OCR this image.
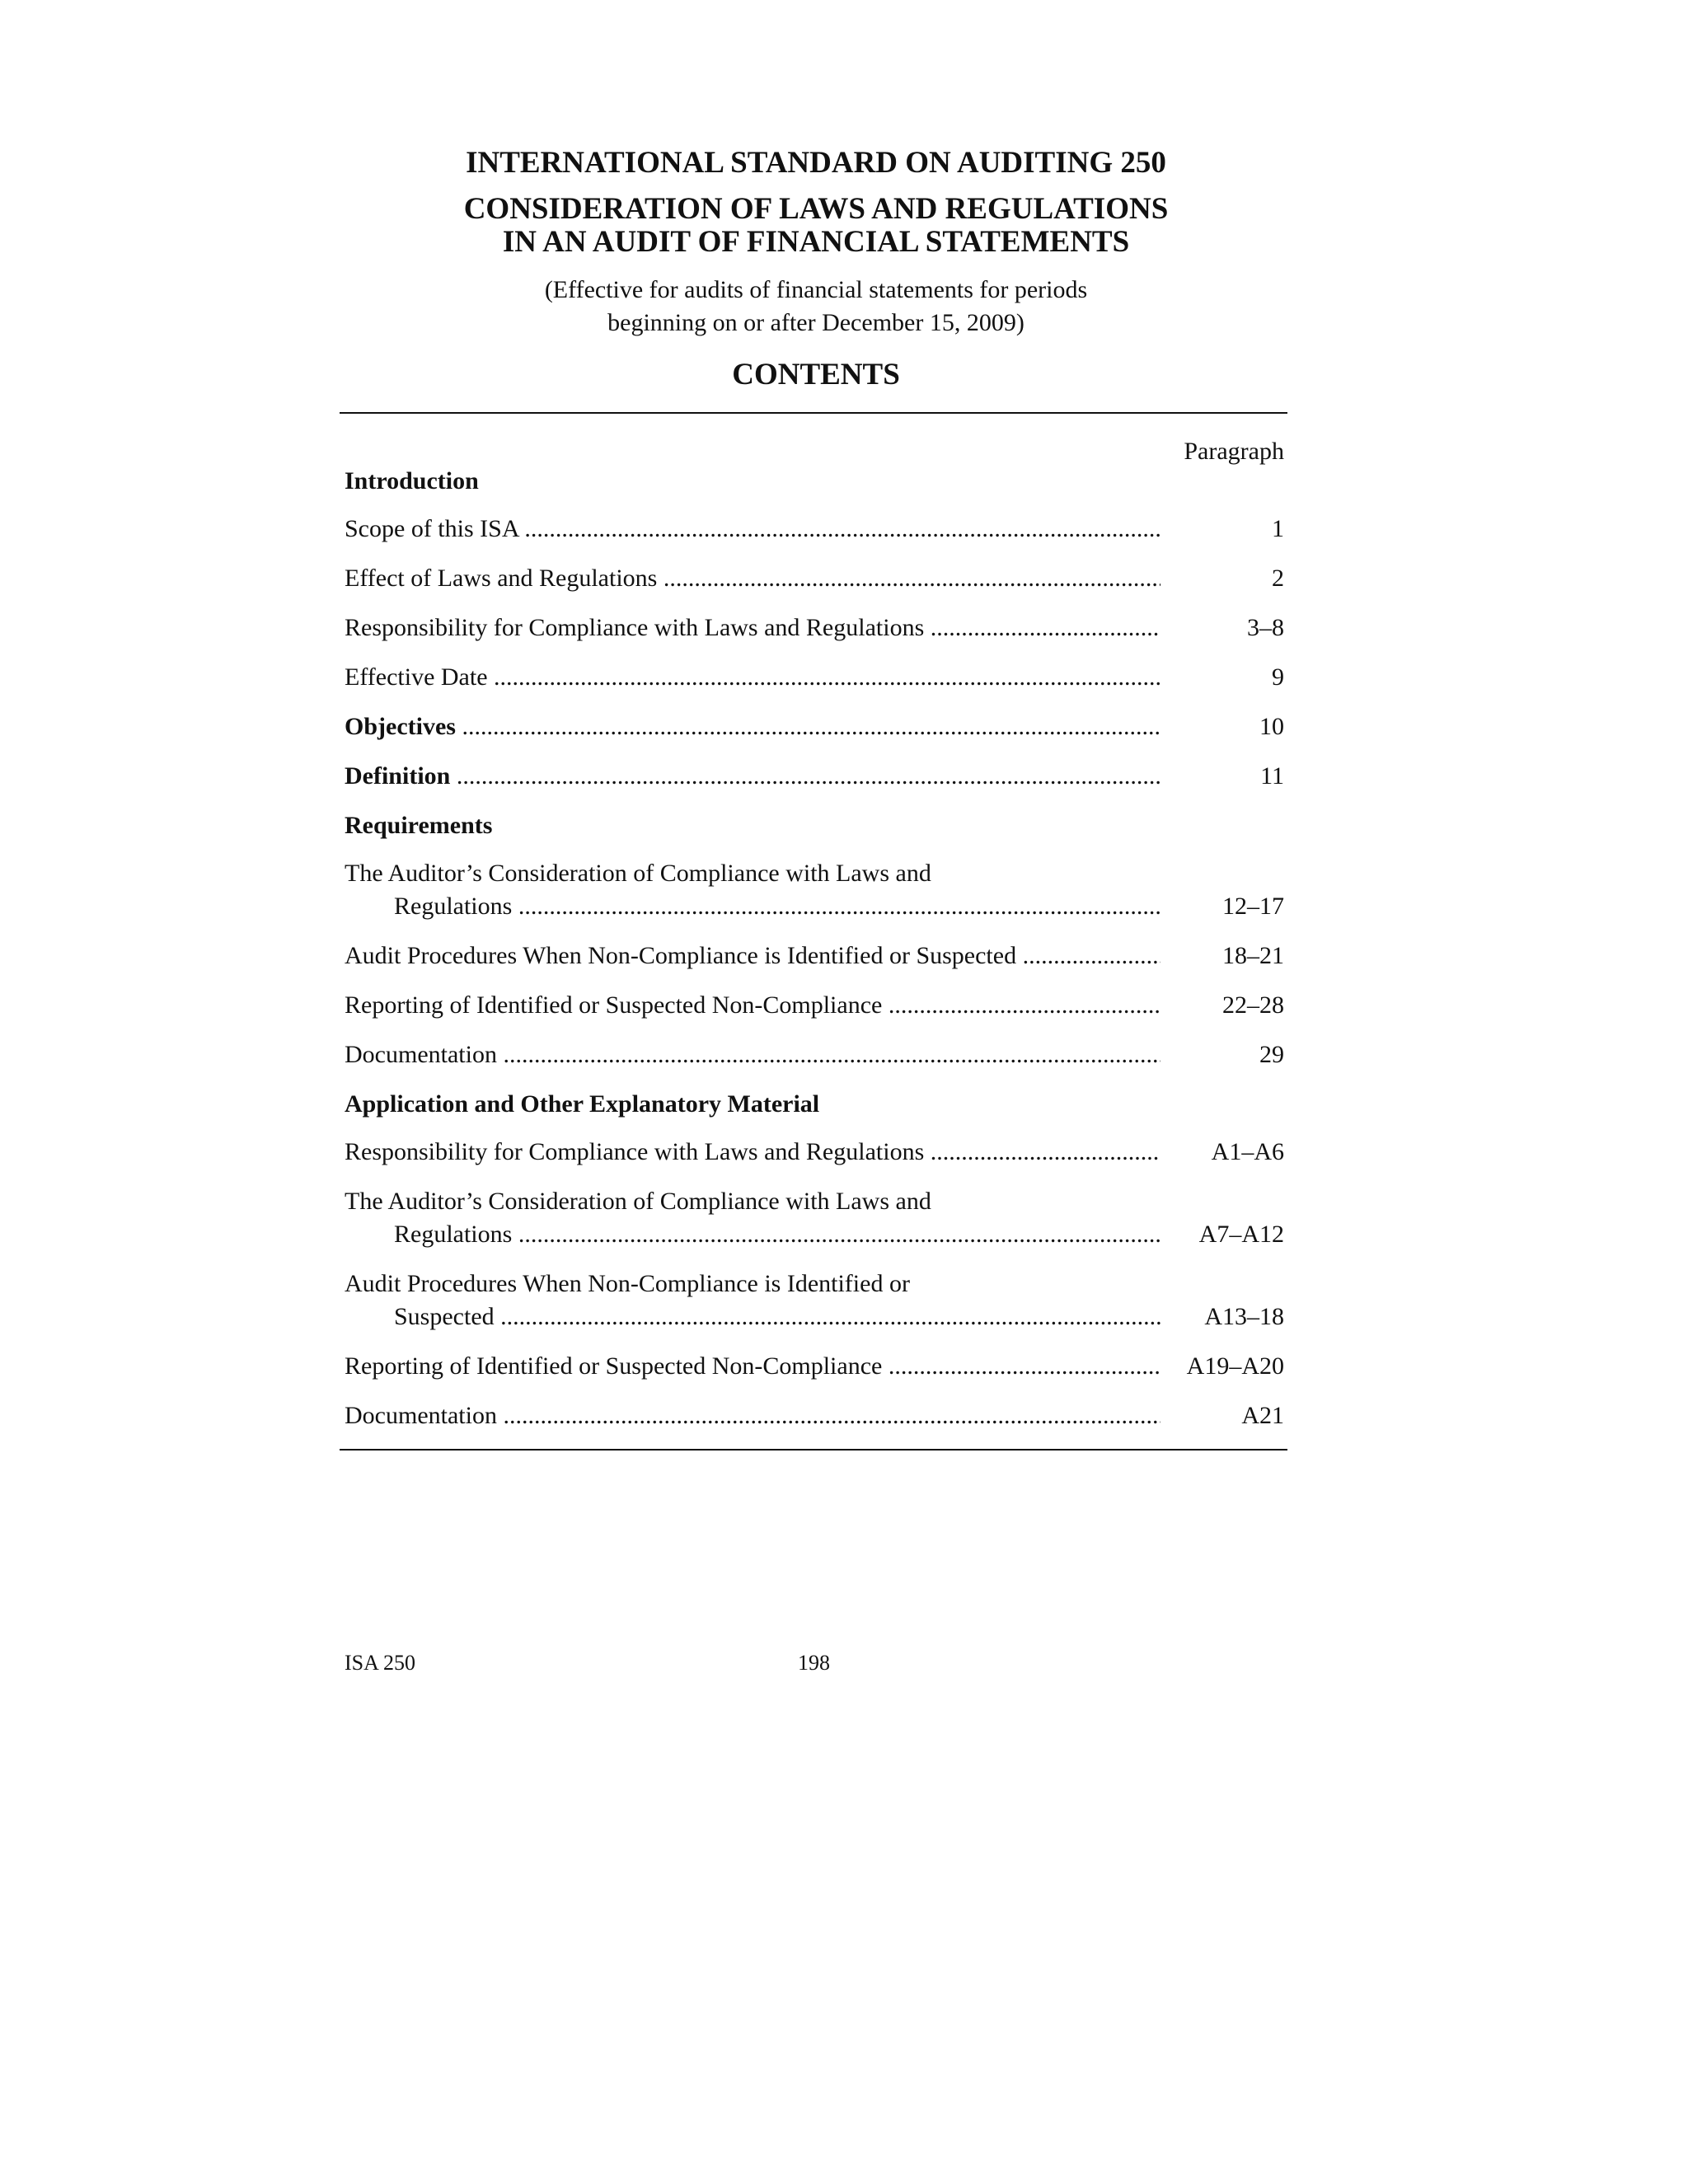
INTERNATIONAL STANDARD ON AUDITING 250

CONSIDERATION OF LAWS AND REGULATIONS

IN AN AUDIT OF FINANCIAL STATEMENTS

(Effective for audits of financial statements for periods

beginning on or after December 15, 2009)

CONTENTS

Paragraph
Introduction
Scope of this ISA .....	1
Effect of Laws and Regulations .....	2
Responsibility for Compliance with Laws and Regulations .....	3–8
Effective Date .....	9
Objectives .....	10
Definition .....	11
Requirements
The Auditor’s Consideration of Compliance with Laws and
Regulations .....	12–17
Audit Procedures When Non-Compliance is Identified or Suspected .....	18–21
Reporting of Identified or Suspected Non-Compliance .....	22–28
Documentation .....	29
Application and Other Explanatory Material
Responsibility for Compliance with Laws and Regulations .....	A1–A6
The Auditor’s Consideration of Compliance with Laws and
Regulations .....	A7–A12
Audit Procedures When Non-Compliance is Identified or
Suspected .....	A13–18
Reporting of Identified or Suspected Non-Compliance .....	A19–A20
Documentation .....	A21
ISA 250	198
